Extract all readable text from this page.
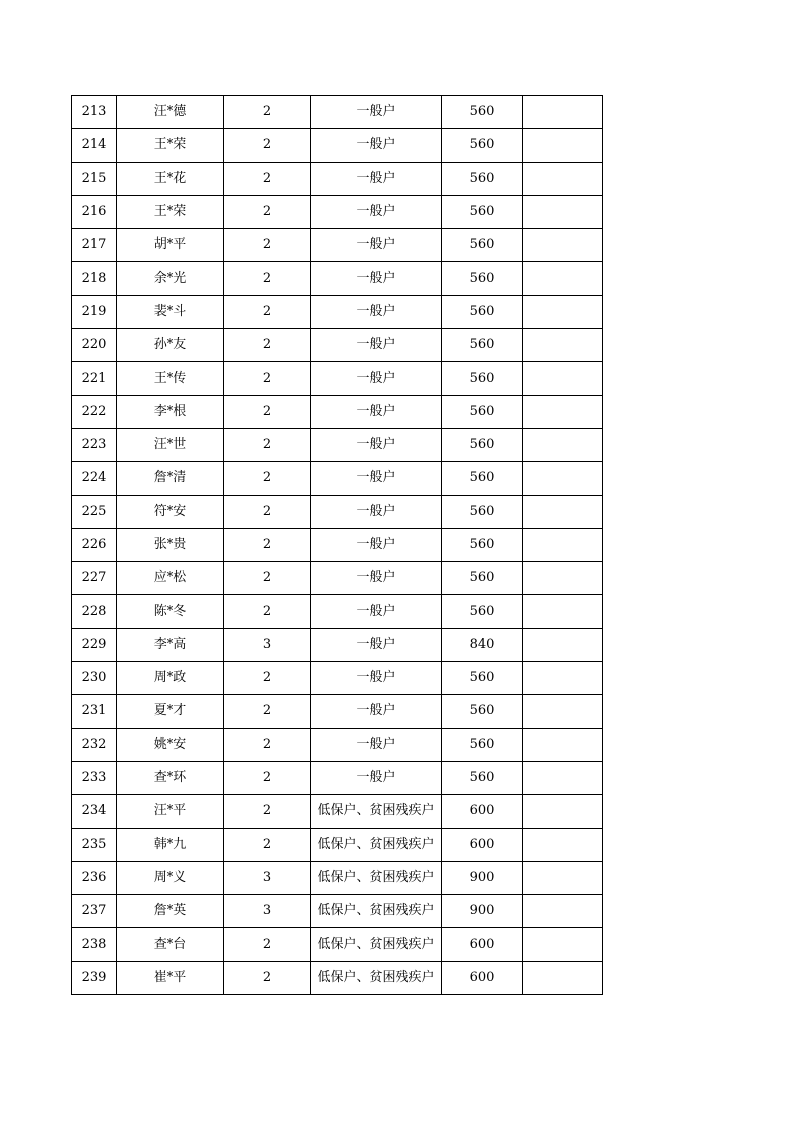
213	汪*德	2	一般户	560	
214	王*荣	2	一般户	560	
215	王*花	2	一般户	560	
216	王*荣	2	一般户	560	
217	胡*平	2	一般户	560	
218	余*光	2	一般户	560	
219	裴*斗	2	一般户	560	
220	孙*友	2	一般户	560	
221	王*传	2	一般户	560	
222	李*根	2	一般户	560	
223	汪*世	2	一般户	560	
224	詹*清	2	一般户	560	
225	符*安	2	一般户	560	
226	张*贵	2	一般户	560	
227	应*松	2	一般户	560	
228	陈*冬	2	一般户	560	
229	李*高	3	一般户	840	
230	周*政	2	一般户	560	
231	夏*才	2	一般户	560	
232	姚*安	2	一般户	560	
233	查*环	2	一般户	560	
234	汪*平	2	低保户、贫困残疾户	600	
235	韩*九	2	低保户、贫困残疾户	600	
236	周*义	3	低保户、贫困残疾户	900	
237	詹*英	3	低保户、贫困残疾户	900	
238	查*台	2	低保户、贫困残疾户	600	
239	崔*平	2	低保户、贫困残疾户	600	
